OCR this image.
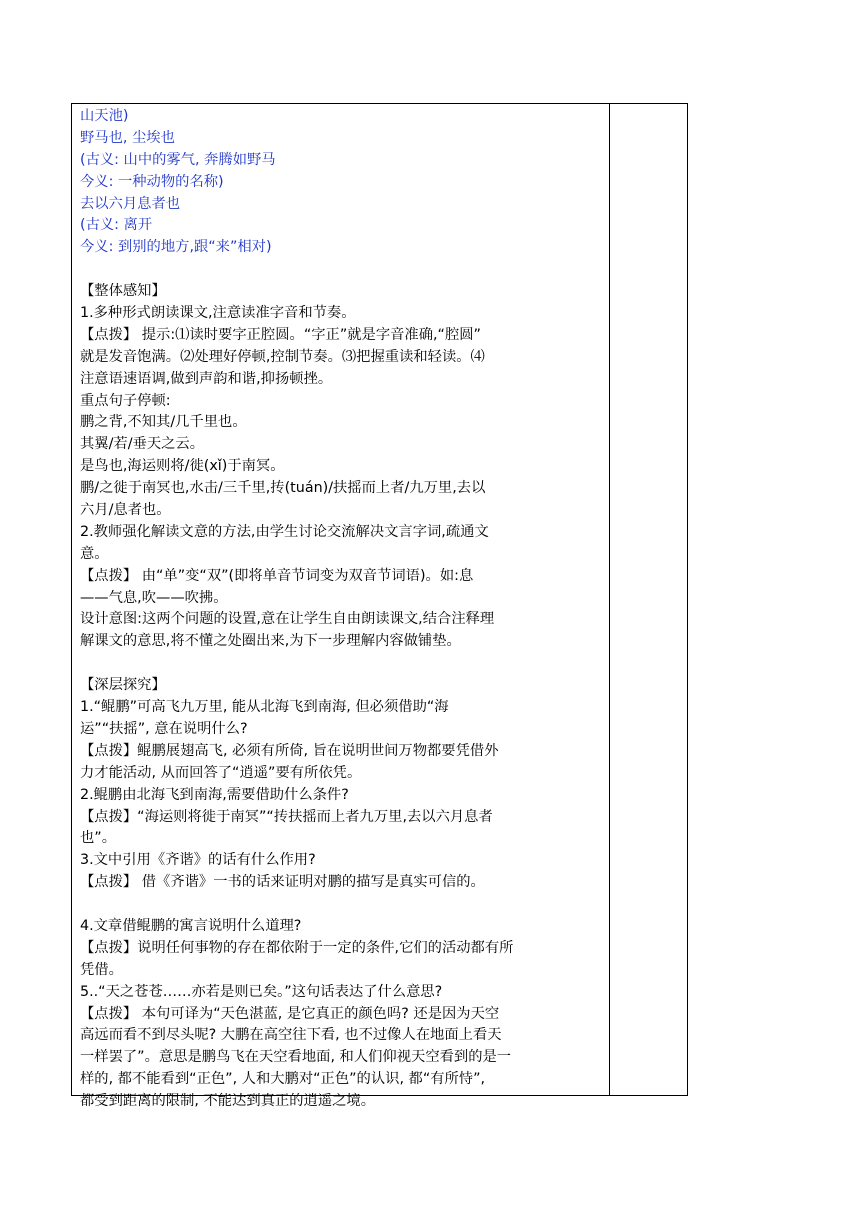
山天池)
野马也, 尘埃也
(古义: 山中的雾气, 奔腾如野马
今义: 一种动物的名称)
去以六月息者也
(古义: 离开
今义: 到别的地方,跟“来”相对)
【整体感知】
1.多种形式朗读课文,注意读准字音和节奏。
【点拨】 提示:⑴读时要字正腔圆。“字正”就是字音准确,“腔圆”
就是发音饱满。⑵处理好停顿,控制节奏。⑶把握重读和轻读。⑷
注意语速语调,做到声韵和谐,抑扬顿挫。
重点句子停顿:
鹏之背,不知其/几千里也。
其翼/若/垂天之云。
是鸟也,海运则将/徙(xǐ)于南冥。
鹏/之徙于南冥也,水击/三千里,抟(tuán)/扶摇而上者/九万里,去以
六月/息者也。
2.教师强化解读文意的方法,由学生讨论交流解决文言字词,疏通文
意。
【点拨】 由“单”变“双”(即将单音节词变为双音节词语)。如:息
——气息,吹——吹拂。
设计意图:这两个问题的设置,意在让学生自由朗读课文,结合注释理
解课文的意思,将不懂之处圈出来,为下一步理解内容做铺垫。
【深层探究】
1.“鲲鹏”可高飞九万里, 能从北海飞到南海, 但必须借助“海
运”“扶摇”, 意在说明什么?
【点拨】鲲鹏展翅高飞, 必须有所倚, 旨在说明世间万物都要凭借外
力才能活动, 从而回答了“逍遥”要有所依凭。
2.鲲鹏由北海飞到南海,需要借助什么条件?
【点拨】“海运则将徙于南冥”“抟扶摇而上者九万里,去以六月息者
也”。
3.文中引用《齐谐》的话有什么作用?
【点拨】 借《齐谐》一书的话来证明对鹏的描写是真实可信的。
4.文章借鲲鹏的寓言说明什么道理?
【点拨】说明任何事物的存在都依附于一定的条件,它们的活动都有所
凭借。
5..“天之苍苍……亦若是则已矣。”这句话表达了什么意思?
【点拨】 本句可译为“天色湛蓝, 是它真正的颜色吗? 还是因为天空
高远而看不到尽头呢? 大鹏在高空往下看, 也不过像人在地面上看天
一样罢了”。意思是鹏鸟飞在天空看地面, 和人们仰视天空看到的是一
样的, 都不能看到“正色”, 人和大鹏对“正色”的认识, 都“有所恃”,
都受到距离的限制, 不能达到真正的逍遥之境。
